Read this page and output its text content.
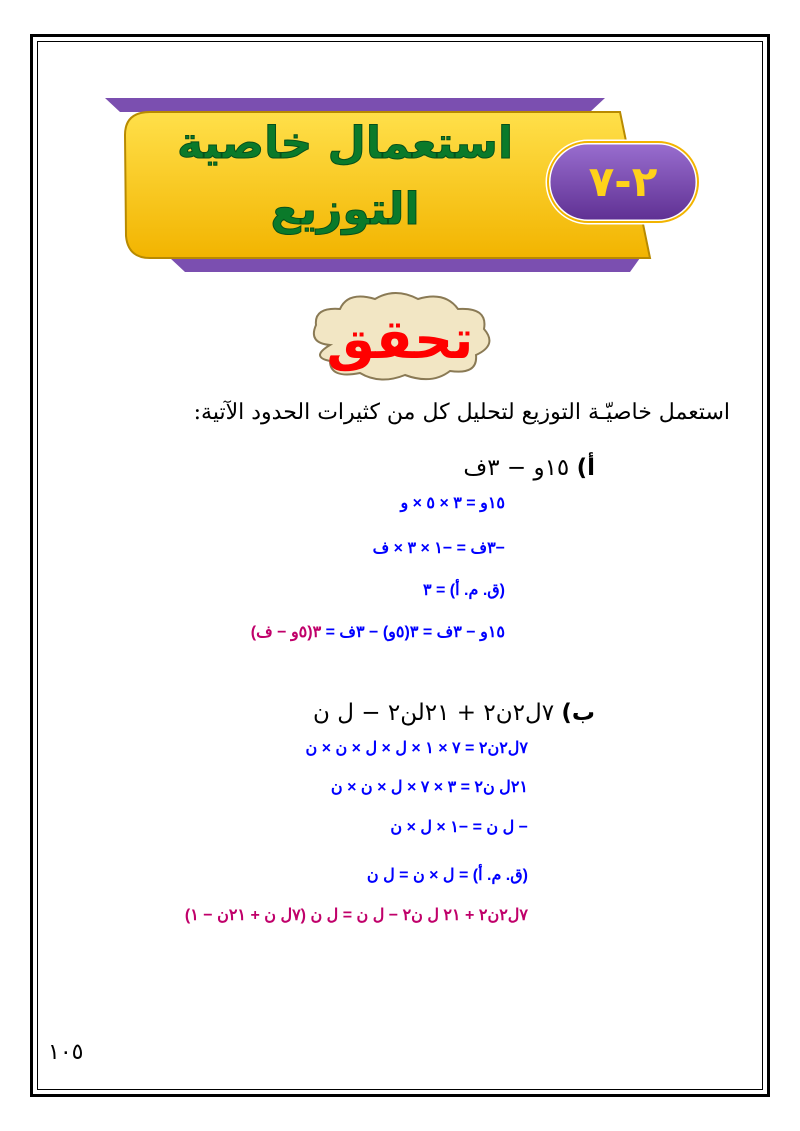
استعمال خاصية
التوزيع
٢-٧
تحقق
استعمل خاصيّـة التوزيع لتحليل كل من كثيرات الحدود الآتية:
أ) ١٥و − ٣ف
١٥و = ٣ × ٥ × و
−٣ف = −١ × ٣ × ف
(ق. م. أ) = ٣
١٥و − ٣ف = ٣(٥و) − ٣ف = ٣(٥و − ف)
ب) ٧ل٢ن٢ + ٢١لن٢ − ل ن
٧ل٢ن٢ = ٧ × ١ × ل × ل × ن × ن
٢١ل ن٢ = ٣ × ٧ × ل × ن × ن
− ل ن = −١ × ل × ن
(ق. م. أ) = ل × ن = ل ن
٧ل٢ن٢ + ٢١ ل ن٢ − ل ن = ل ن (٧ل ن + ٢١ن − ١)
١٠٥
